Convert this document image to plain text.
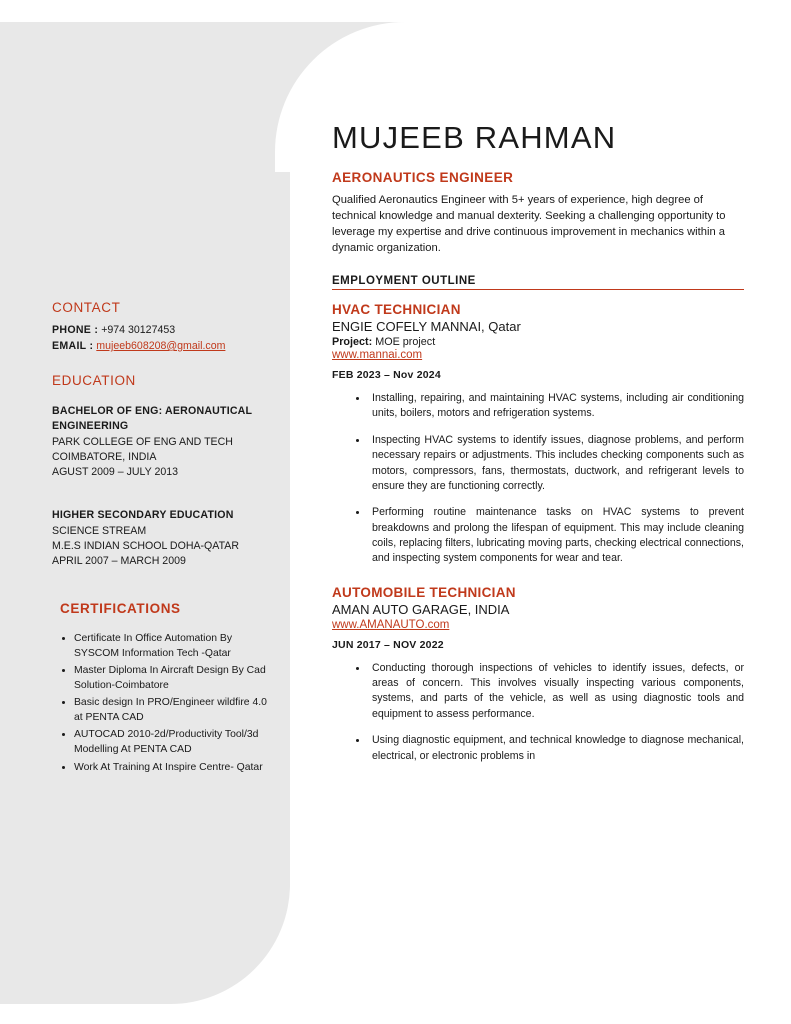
CONTACT

PHONE : +974 30127453

EMAIL : mujeeb608208@gmail.com

EDUCATION
BACHELOR OF ENG: AERONAUTICAL ENGINEERING
PARK COLLEGE OF ENG AND TECH
COIMBATORE, INDIA
AGUST 2009 – JULY 2013
HIGHER SECONDARY EDUCATION
SCIENCE STREAM
M.E.S INDIAN SCHOOL DOHA-QATAR
APRIL 2007 – MARCH 2009
CERTIFICATIONS
• Certificate In Office Automation By SYSCOM Information Tech -Qatar
• Master Diploma In Aircraft Design By Cad Solution-Coimbatore
• Basic design In PRO/Engineer wildfire 4.0 at PENTA CAD
• AUTOCAD 2010-2d/Productivity Tool/3d Modelling At PENTA CAD
• Work At Training At Inspire Centre- Qatar
MUJEEB RAHMAN
AERONAUTICS ENGINEER

Qualified Aeronautics Engineer with 5+ years of experience, high degree of technical knowledge and manual dexterity. Seeking a challenging opportunity to leverage my expertise and drive continuous improvement in mechanics within a dynamic organization.

EMPLOYMENT OUTLINE
HVAC TECHNICIAN
ENGIE COFELY MANNAI, Qatar
Project: MOE project
www.mannai.com
FEB 2023 – Nov 2024
• Installing, repairing, and maintaining HVAC systems, including air conditioning units, boilers, motors and refrigeration systems.
• Inspecting HVAC systems to identify issues, diagnose problems, and perform necessary repairs or adjustments. This includes checking components such as motors, compressors, fans, thermostats, ductwork, and refrigerant levels to ensure they are functioning correctly.
• Performing routine maintenance tasks on HVAC systems to prevent breakdowns and prolong the lifespan of equipment. This may include cleaning coils, replacing filters, lubricating moving parts, checking electrical connections, and inspecting system components for wear and tear.
AUTOMOBILE TECHNICIAN
AMAN AUTO GARAGE, INDIA
www.AMANAUTO.com
JUN 2017 – NOV 2022
• Conducting thorough inspections of vehicles to identify issues, defects, or areas of concern. This involves visually inspecting various components, systems, and parts of the vehicle, as well as using diagnostic tools and equipment to assess performance.
• Using diagnostic equipment, and technical knowledge to diagnose mechanical, electrical, or electronic problems in
